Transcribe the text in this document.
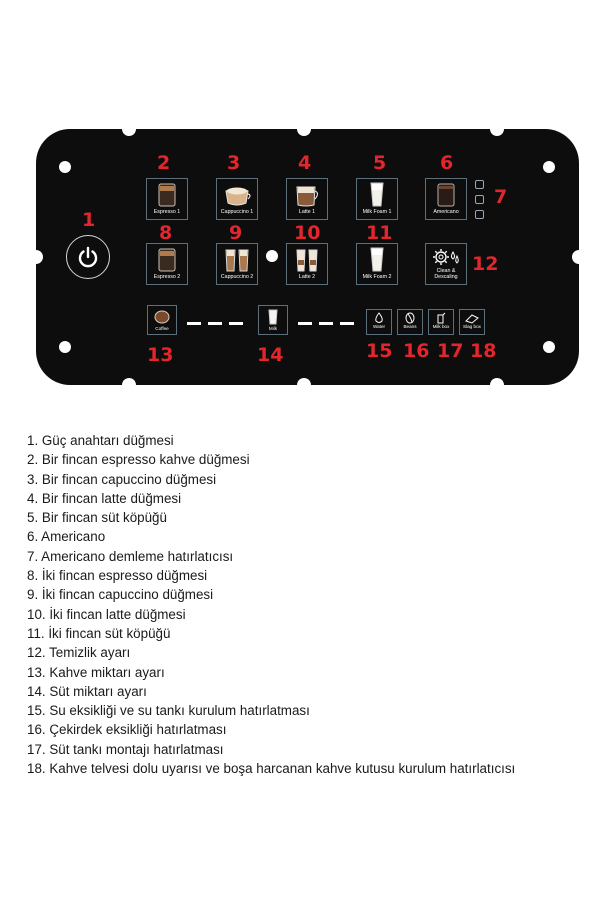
1
2	3	4	5	6
7
Espresso 1	Cappuccino 1	Latte 1	Milk Foam 1	Americano
8	9	10 11
12
Espresso 2	Cappuccino 2	Latte 2	Milk Foam 2
Clean &
Descaling
Coffee	Milk
13	14
Water	Beans	Milk box	Slag box
15 16 17 18
1. Güç anahtarı düğmesi
2. Bir fincan espresso kahve düğmesi
3. Bir fincan capuccino düğmesi
4. Bir fincan latte düğmesi
5. Bir fincan süt köpüğü
6. Americano
7. Americano demleme hatırlatıcısı
8. İki fincan espresso düğmesi
9. İki fincan capuccino düğmesi
10. İki fincan latte düğmesi
11. İki fincan süt köpüğü
12. Temizlik ayarı
13. Kahve miktarı ayarı
14. Süt miktarı ayarı
15. Su eksikliği ve su tankı kurulum hatırlatması
16. Çekirdek eksikliği hatırlatması
17. Süt tankı montajı hatırlatması
18. Kahve telvesi dolu uyarısı ve boşa harcanan kahve kutusu kurulum hatırlatıcısı
